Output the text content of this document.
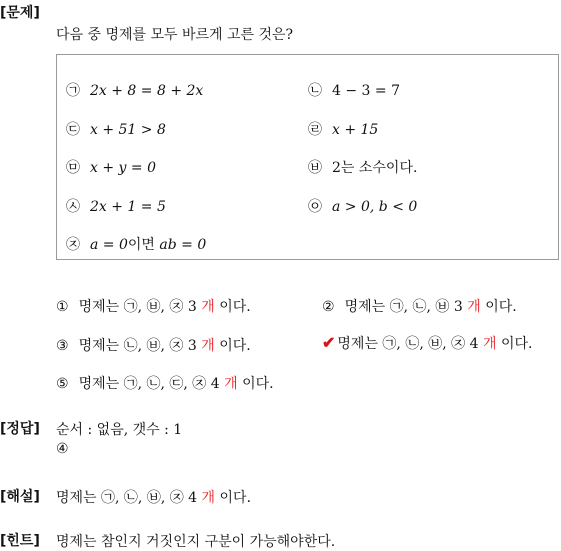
[문제]
다음 중 명제를 모두 바르게 고른 것은?
㉠ 2x + 8 = 8 + 2x	㉡ 4 − 3 = 7
㉢ x + 51 > 8	㉣ x + 15
㉤ x + y = 0	㉥ 2는 소수이다.
㉦ 2x + 1 = 5	㉧ a > 0, b < 0
㉨ a = 0이면 ab = 0
① 명제는 ㉠, ㉥, ㉨ 3 개 이다.	② 명제는 ㉠, ㉡, ㉥ 3 개 이다.
③ 명제는 ㉡, ㉥, ㉨ 3 개 이다.	✔ 명제는 ㉠, ㉡, ㉥, ㉨ 4 개 이다.
⑤ 명제는 ㉠, ㉡, ㉢, ㉨ 4 개 이다.
[정답] 순서 : 없음, 갯수 : 1
④
[해설] 명제는 ㉠, ㉡, ㉥, ㉨ 4 개 이다.
[힌트] 명제는 참인지 거짓인지 구분이 가능해야한다.
